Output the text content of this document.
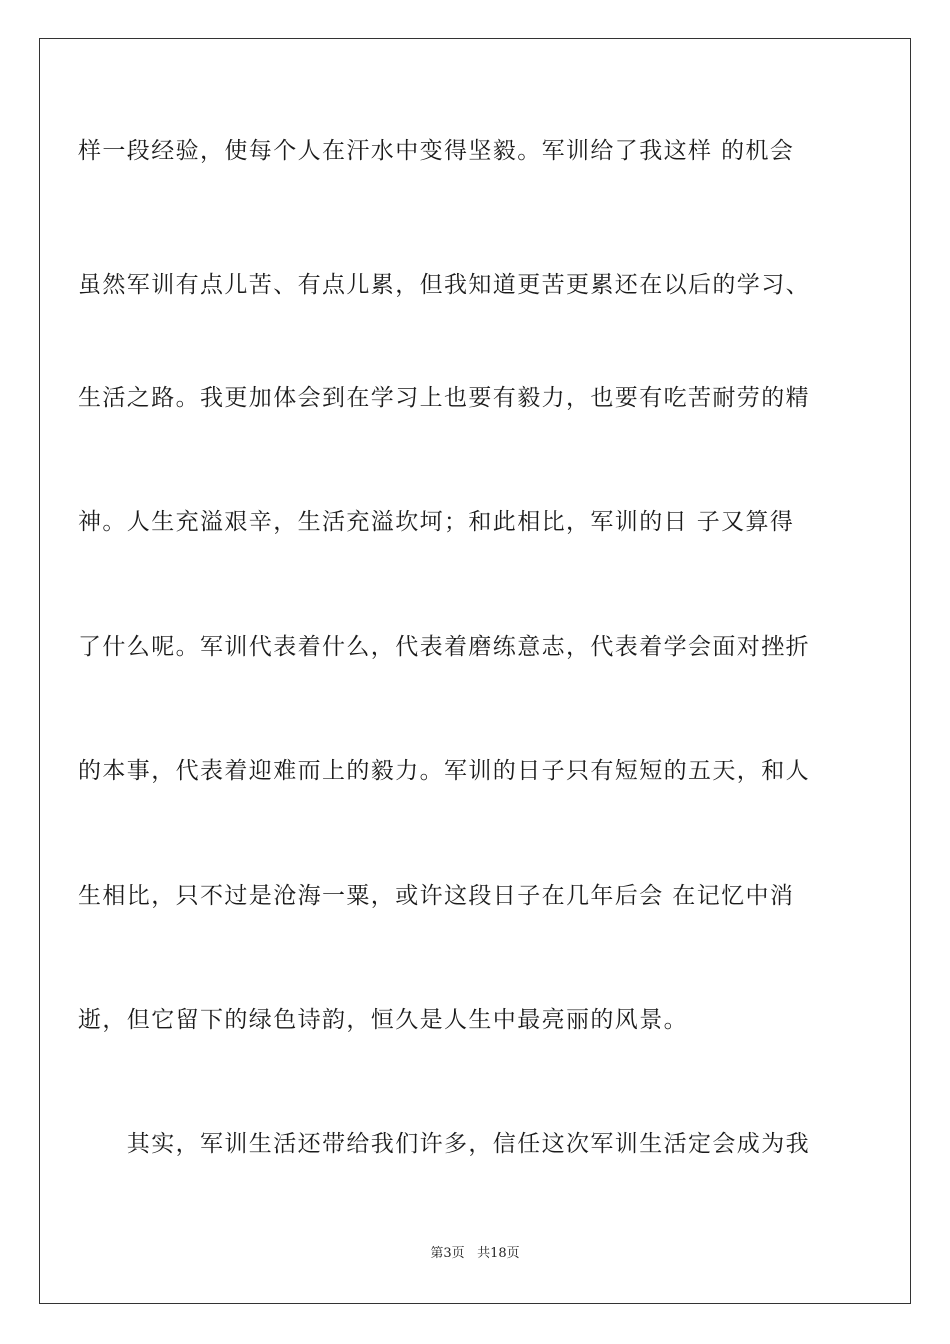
样一段经验，使每个人在汗水中变得坚毅。军训给了我这样 的机会
虽然军训有点儿苦、有点儿累，但我知道更苦更累还在以后的学习、
生活之路。我更加体会到在学习上也要有毅力，也要有吃苦耐劳的精
神。人生充溢艰辛，生活充溢坎坷；和此相比，军训的日 子又算得
了什么呢。军训代表着什么，代表着磨练意志，代表着学会面对挫折
的本事，代表着迎难而上的毅力。军训的日子只有短短的五天，和人
生相比，只不过是沧海一粟，或许这段日子在几年后会 在记忆中消
逝，但它留下的绿色诗韵，恒久是人生中最亮丽的风景。
　　其实，军训生活还带给我们许多，信任这次军训生活定会成为我
第3页 共18页
